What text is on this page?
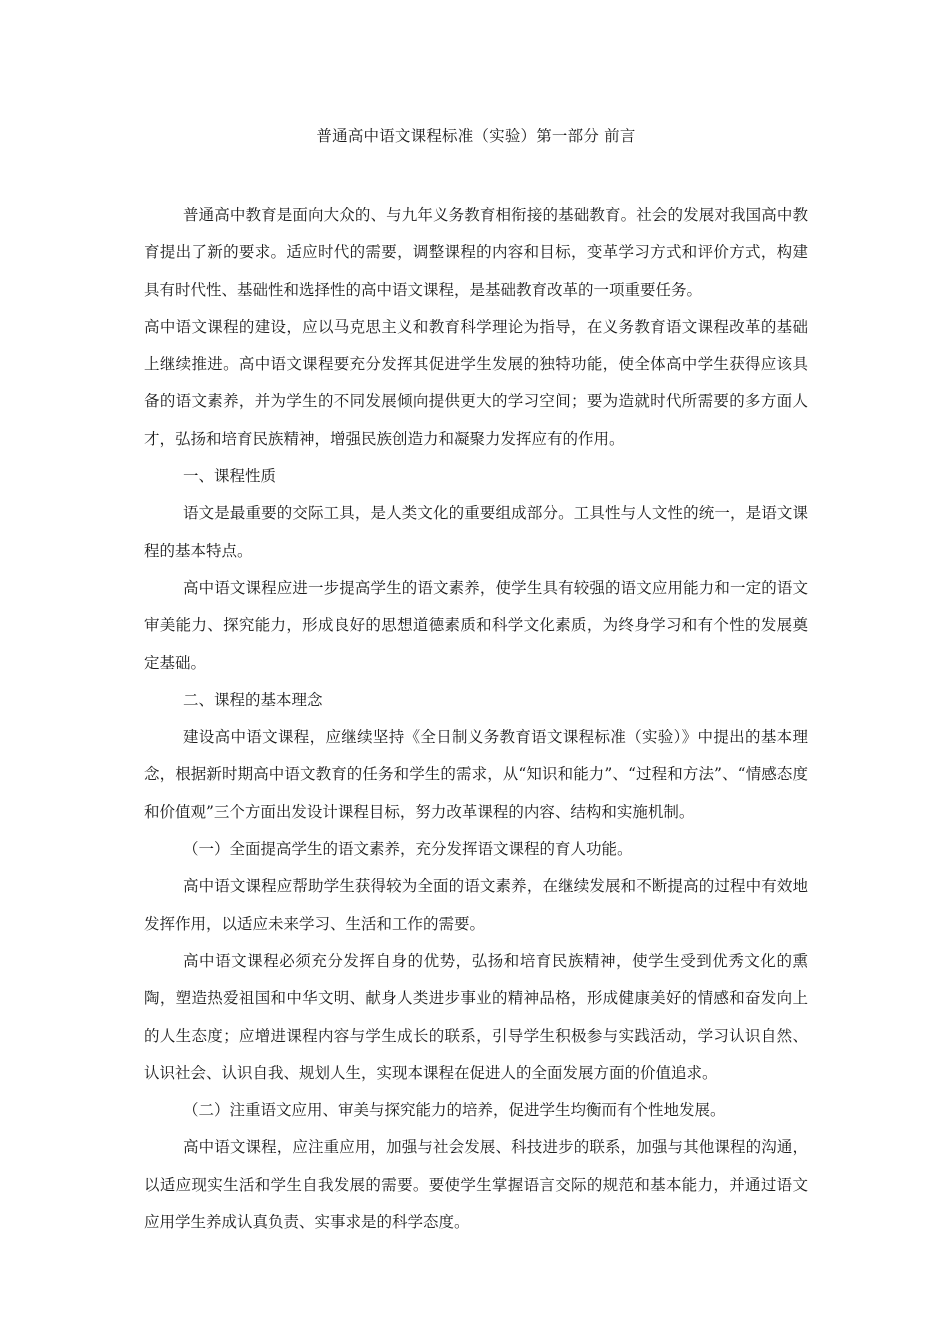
普通高中语文课程标准（实验）第一部分 前言

普通高中教育是面向大众的、与九年义务教育相衔接的基础教育。社会的发展对我国高中教育提出了新的要求。适应时代的需要，调整课程的内容和目标，变革学习方式和评价方式，构建具有时代性、基础性和选择性的高中语文课程，是基础教育改革的一项重要任务。

高中语文课程的建设，应以马克思主义和教育科学理论为指导，在义务教育语文课程改革的基础上继续推进。高中语文课程要充分发挥其促进学生发展的独特功能，使全体高中学生获得应该具备的语文素养，并为学生的不同发展倾向提供更大的学习空间；要为造就时代所需要的多方面人才，弘扬和培育民族精神，增强民族创造力和凝聚力发挥应有的作用。

一、课程性质

语文是最重要的交际工具，是人类文化的重要组成部分。工具性与人文性的统一，是语文课程的基本特点。

高中语文课程应进一步提高学生的语文素养，使学生具有较强的语文应用能力和一定的语文审美能力、探究能力，形成良好的思想道德素质和科学文化素质，为终身学习和有个性的发展奠定基础。

二、课程的基本理念

建设高中语文课程，应继续坚持《全日制义务教育语文课程标准（实验）》中提出的基本理念，根据新时期高中语文教育的任务和学生的需求，从“知识和能力”、“过程和方法”、“情感态度和价值观”三个方面出发设计课程目标，努力改革课程的内容、结构和实施机制。

（一）全面提高学生的语文素养，充分发挥语文课程的育人功能。

高中语文课程应帮助学生获得较为全面的语文素养，在继续发展和不断提高的过程中有效地发挥作用，以适应未来学习、生活和工作的需要。

高中语文课程必须充分发挥自身的优势，弘扬和培育民族精神，使学生受到优秀文化的熏陶，塑造热爱祖国和中华文明、献身人类进步事业的精神品格，形成健康美好的情感和奋发向上的人生态度；应增进课程内容与学生成长的联系，引导学生积极参与实践活动，学习认识自然、认识社会、认识自我、规划人生，实现本课程在促进人的全面发展方面的价值追求。

（二）注重语文应用、审美与探究能力的培养，促进学生均衡而有个性地发展。

高中语文课程，应注重应用，加强与社会发展、科技进步的联系，加强与其他课程的沟通，以适应现实生活和学生自我发展的需要。要使学生掌握语言交际的规范和基本能力，并通过语文应用学生养成认真负责、实事求是的科学态度。
